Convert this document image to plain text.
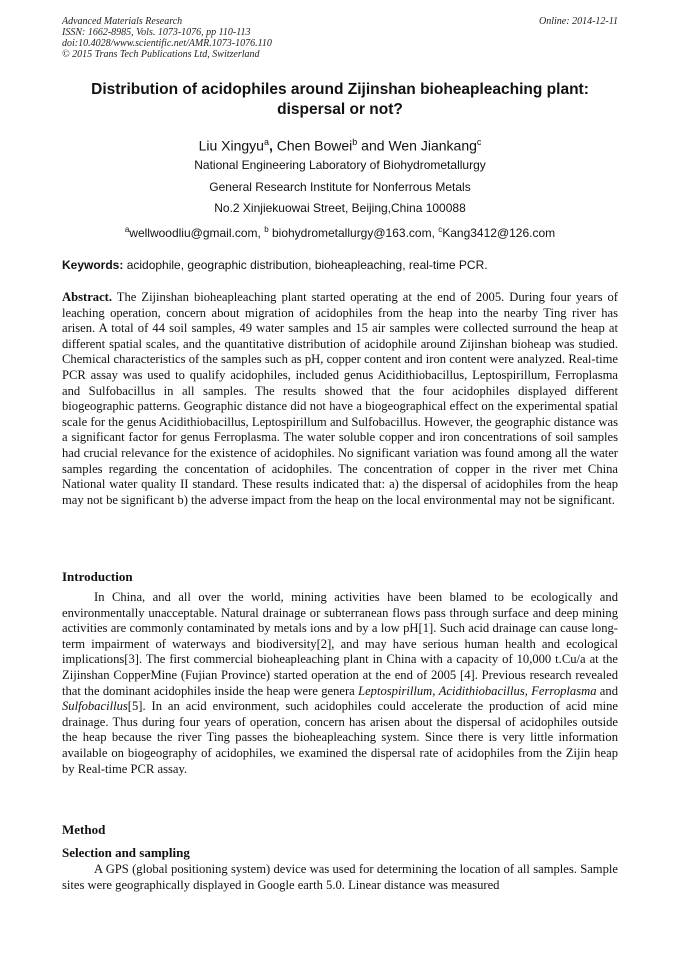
Advanced Materials Research
ISSN: 1662-8985, Vols. 1073-1076, pp 110-113
doi:10.4028/www.scientific.net/AMR.1073-1076.110
© 2015 Trans Tech Publications Ltd, Switzerland
Online: 2014-12-11
Distribution of acidophiles around Zijinshan bioheapleaching plant:
dispersal or not?
Liu Xingyu$^a$, Chen Bowei$^b$ and Wen Jiankang$^c$
National Engineering Laboratory of Biohydrometallurgy
General Research Institute for Nonferrous Metals
No.2 Xinjiekuowai Street, Beijing,China 100088
$^a$wellwoodliu@gmail.com, $^b$ biohydrometallurgy@163.com, $^c$Kang3412@126.com
Keywords: acidophile, geographic distribution, bioheapleaching, real-time PCR.
Abstract. The Zijinshan bioheapleaching plant started operating at the end of 2005. During four years of leaching operation, concern about migration of acidophiles from the heap into the nearby Ting river has arisen. A total of 44 soil samples, 49 water samples and 15 air samples were collected surround the heap at different spatial scales, and the quantitative distribution of acidophile around Zijinshan bioheap was studied. Chemical characteristics of the samples such as pH, copper content and iron content were analyzed. Real-time PCR assay was used to qualify acidophiles, included genus Acidithiobacillus, Leptospirillum, Ferroplasma and Sulfobacillus in all samples. The results showed that the four acidophiles displayed different biogeographic patterns. Geographic distance did not have a biogeographical effect on the experimental spatial scale for the genus Acidithiobacillus, Leptospirillum and Sulfobacillus. However, the geographic distance was a significant factor for genus Ferroplasma. The water soluble copper and iron concentrations of soil samples had crucial relevance for the existence of acidophiles. No significant variation was found among all the water samples regarding the concentation of acidophiles. The concentration of copper in the river met China National water quality II standard. These results indicated that: a) the dispersal of acidophiles from the heap may not be significant b) the adverse impact from the heap on the local environmental may not be significant.
Introduction
In China, and all over the world, mining activities have been blamed to be ecologically and environmentally unacceptable. Natural drainage or subterranean flows pass through surface and deep mining activities are commonly contaminated by metals ions and by a low pH[1]. Such acid drainage can cause long-term impairment of waterways and biodiversity[2], and may have serious human health and ecological implications[3]. The first commercial bioheapleaching plant in China with a capacity of 10,000 t.Cu/a at the Zijinshan CopperMine (Fujian Province) started operation at the end of 2005 [4]. Previous research revealed that the dominant acidophiles inside the heap were genera Leptospirillum, Acidithiobacillus, Ferroplasma and Sulfobacillus[5]. In an acid environment, such acidophiles could accelerate the production of acid mine drainage. Thus during four years of operation, concern has arisen about the dispersal of acidophiles outside the heap because the river Ting passes the bioheapleaching system. Since there is very little information available on biogeography of acidophiles, we examined the dispersal rate of acidophiles from the Zijin heap by Real-time PCR assay.
Method
Selection and sampling
A GPS (global positioning system) device was used for determining the location of all samples. Sample sites were geographically displayed in Google earth 5.0. Linear distance was measured
